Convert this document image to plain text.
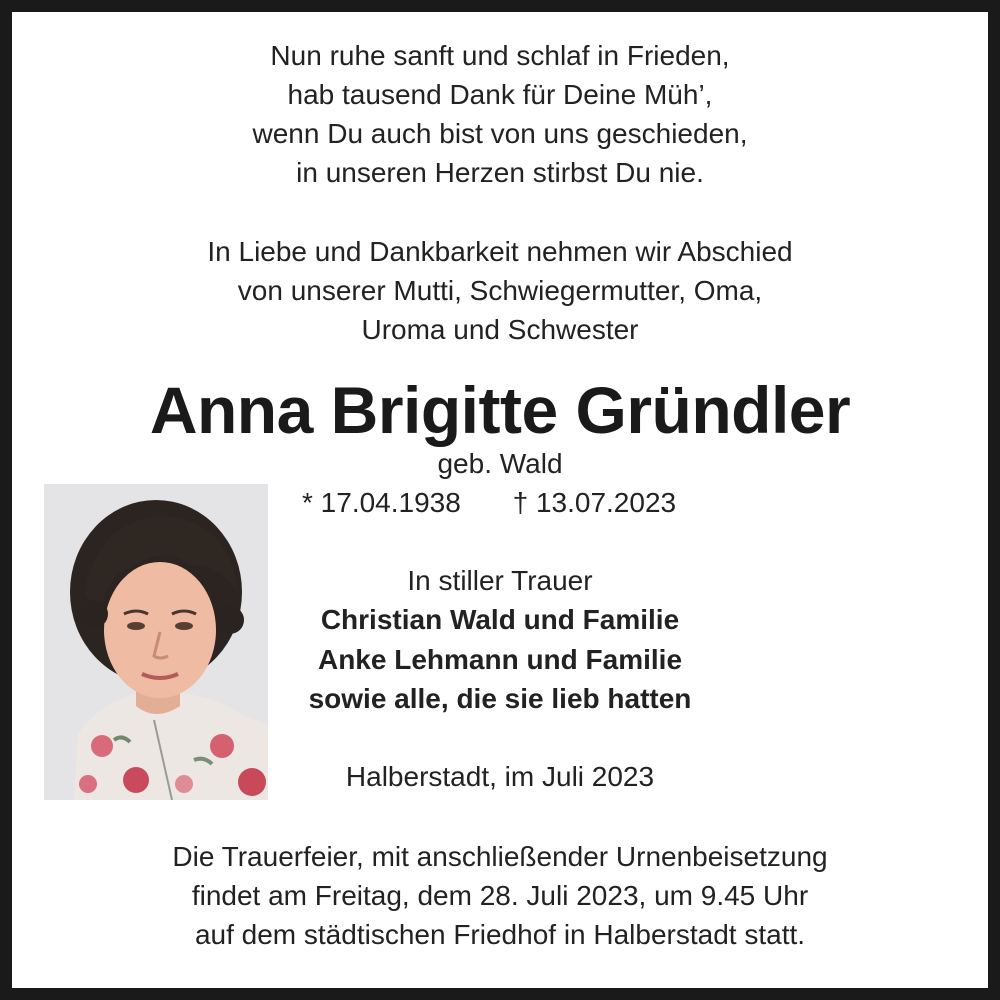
Nun ruhe sanft und schlaf in Frieden,
hab tausend Dank für Deine Müh’,
wenn Du auch bist von uns geschieden,
in unseren Herzen stirbst Du nie.
In Liebe und Dankbarkeit nehmen wir Abschied
von unserer Mutti, Schwiegermutter, Oma,
Uroma und Schwester
Anna Brigitte Gründler
geb. Wald
* 17.04.1938 † 13.07.2023
In stiller Trauer
Christian Wald und Familie
Anke Lehmann und Familie
sowie alle, die sie lieb hatten
Halberstadt, im Juli 2023
Die Trauerfeier, mit anschließender Urnenbeisetzung
findet am Freitag, dem 28. Juli 2023, um 9.45 Uhr
auf dem städtischen Friedhof in Halberstadt statt.
